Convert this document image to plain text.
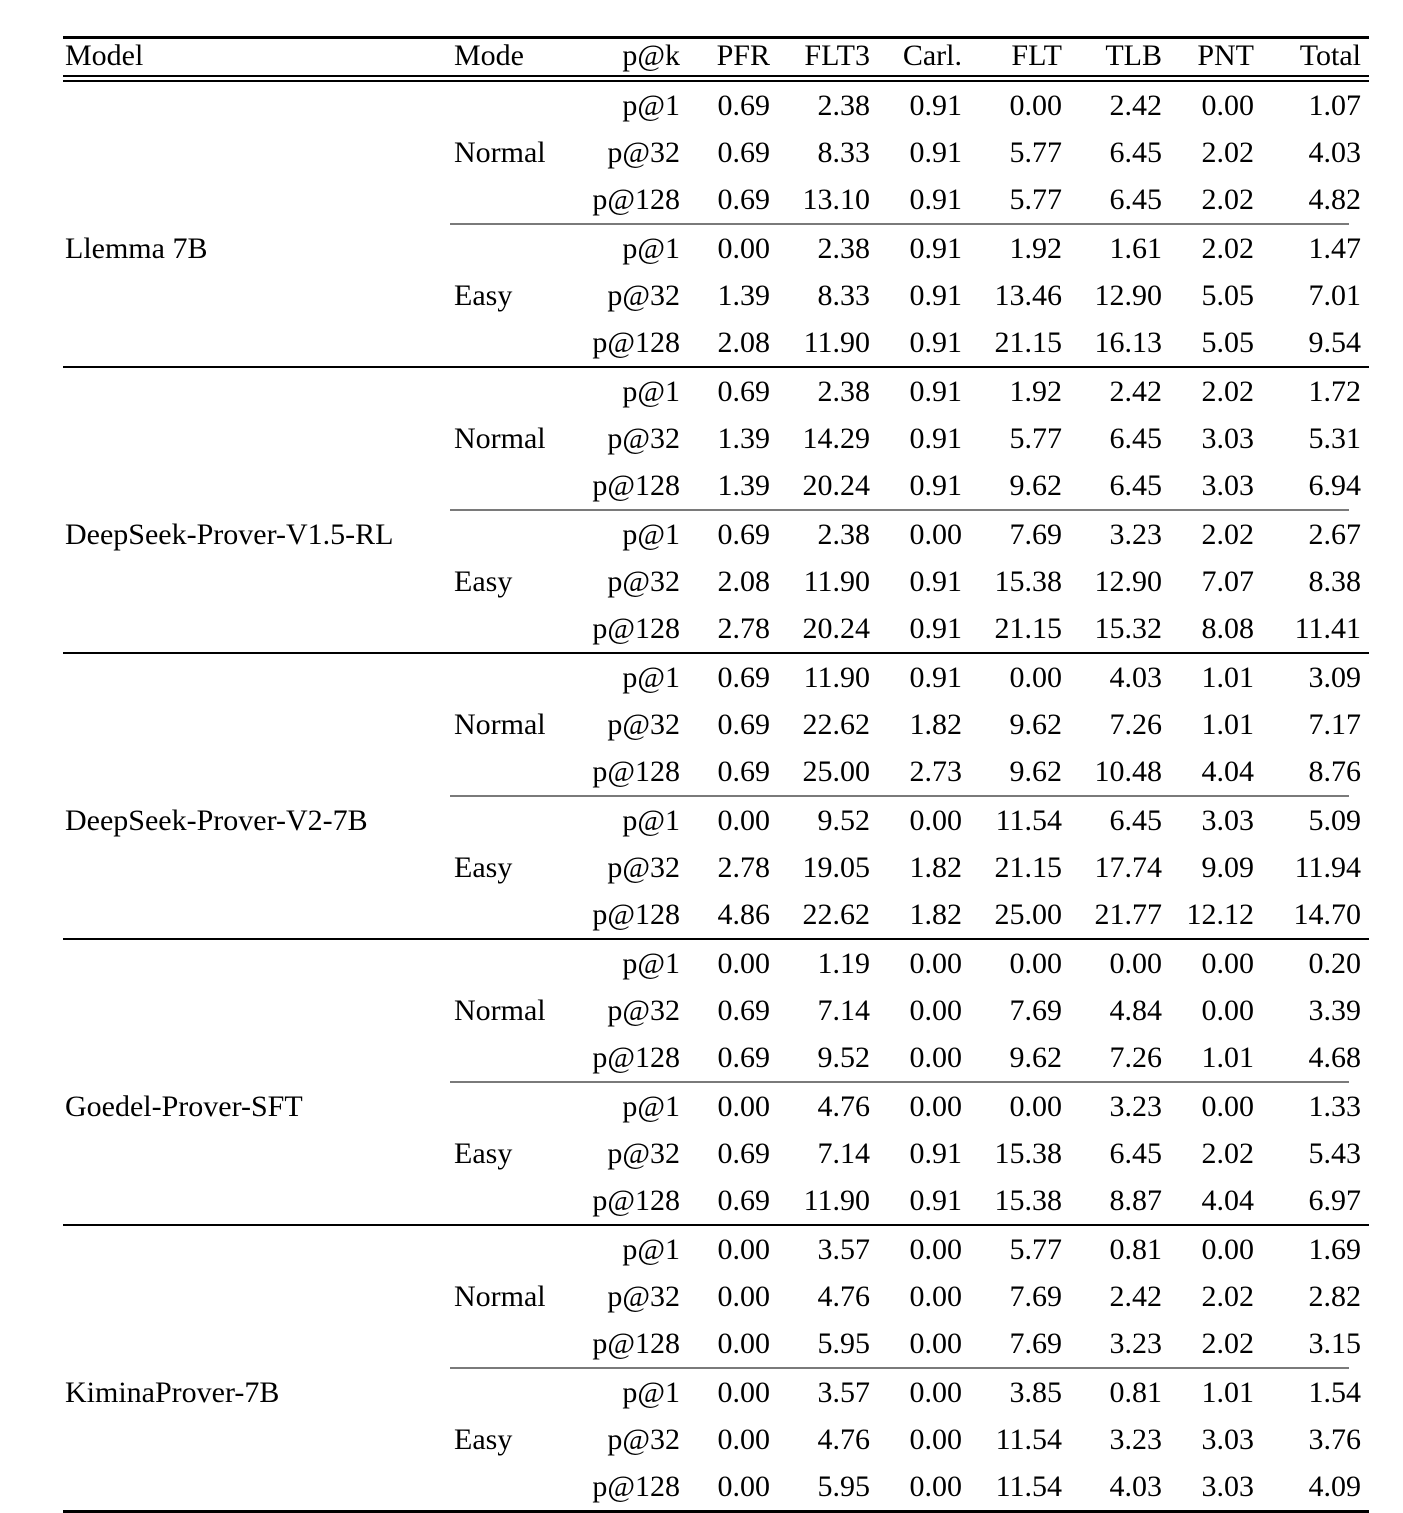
Model	Mode	p@k	PFR	FLT3	Carl.	FLT	TLB	PNT	Total

		p@1	0.69	2.38	0.91	0.00	2.42	0.00	1.07
	Normal	p@32	0.69	8.33	0.91	5.77	6.45	2.02	4.03
		p@128	0.69	13.10	0.91	5.77	6.45	2.02	4.82

Llemma 7B		p@1	0.00	2.38	0.91	1.92	1.61	2.02	1.47
	Easy	p@32	1.39	8.33	0.91	13.46	12.90	5.05	7.01
		p@128	2.08	11.90	0.91	21.15	16.13	5.05	9.54

		p@1	0.69	2.38	0.91	1.92	2.42	2.02	1.72
	Normal	p@32	1.39	14.29	0.91	5.77	6.45	3.03	5.31
		p@128	1.39	20.24	0.91	9.62	6.45	3.03	6.94

DeepSeek-Prover-V1.5-RL		p@1	0.69	2.38	0.00	7.69	3.23	2.02	2.67
	Easy	p@32	2.08	11.90	0.91	15.38	12.90	7.07	8.38
		p@128	2.78	20.24	0.91	21.15	15.32	8.08	11.41

		p@1	0.69	11.90	0.91	0.00	4.03	1.01	3.09
	Normal	p@32	0.69	22.62	1.82	9.62	7.26	1.01	7.17
		p@128	0.69	25.00	2.73	9.62	10.48	4.04	8.76

DeepSeek-Prover-V2-7B		p@1	0.00	9.52	0.00	11.54	6.45	3.03	5.09
	Easy	p@32	2.78	19.05	1.82	21.15	17.74	9.09	11.94
		p@128	4.86	22.62	1.82	25.00	21.77	12.12	14.70

		p@1	0.00	1.19	0.00	0.00	0.00	0.00	0.20
	Normal	p@32	0.69	7.14	0.00	7.69	4.84	0.00	3.39
		p@128	0.69	9.52	0.00	9.62	7.26	1.01	4.68

Goedel-Prover-SFT		p@1	0.00	4.76	0.00	0.00	3.23	0.00	1.33
	Easy	p@32	0.69	7.14	0.91	15.38	6.45	2.02	5.43
		p@128	0.69	11.90	0.91	15.38	8.87	4.04	6.97

		p@1	0.00	3.57	0.00	5.77	0.81	0.00	1.69
	Normal	p@32	0.00	4.76	0.00	7.69	2.42	2.02	2.82
		p@128	0.00	5.95	0.00	7.69	3.23	2.02	3.15

KiminaProver-7B		p@1	0.00	3.57	0.00	3.85	0.81	1.01	1.54
	Easy	p@32	0.00	4.76	0.00	11.54	3.23	3.03	3.76
		p@128	0.00	5.95	0.00	11.54	4.03	3.03	4.09
